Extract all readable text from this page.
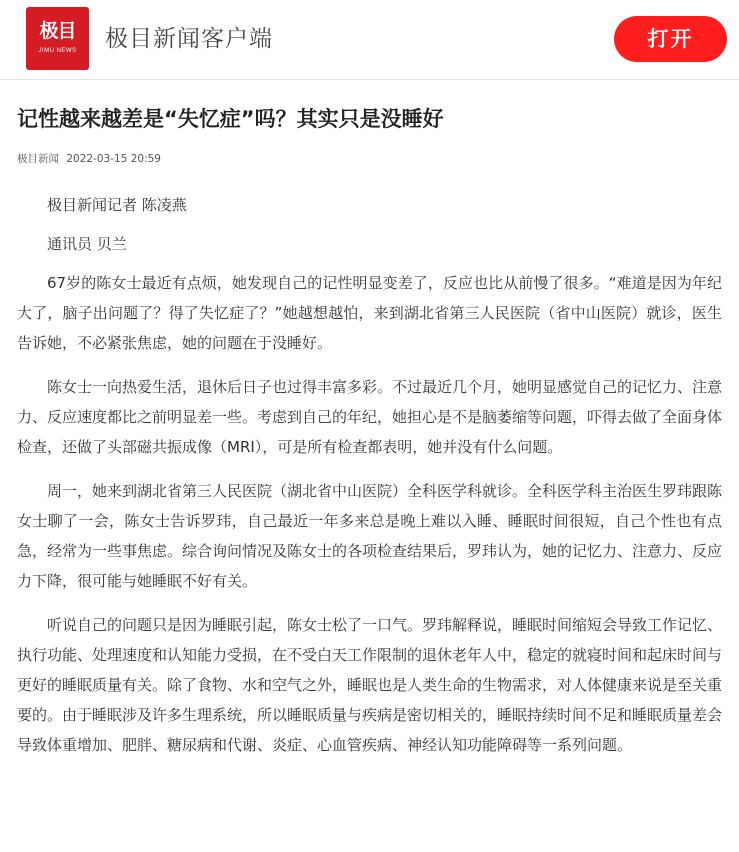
极目
JIMU NEWS	极目新闻客户端	打开
记性越来越差是“失忆症”吗？其实只是没睡好
极目新闻 2022-03-15 20:59

极目新闻记者 陈凌燕

通讯员 贝兰

67岁的陈女士最近有点烦，她发现自己的记性明显变差了，反应也比从前慢了很多。“难道是因为年纪大了，脑子出问题了？得了失忆症了？”她越想越怕，来到湖北省第三人民医院（省中山医院）就诊，医生告诉她，不必紧张焦虑，她的问题在于没睡好。

陈女士一向热爱生活，退休后日子也过得丰富多彩。不过最近几个月，她明显感觉自己的记忆力、注意力、反应速度都比之前明显差一些。考虑到自己的年纪，她担心是不是脑萎缩等问题，吓得去做了全面身体检查，还做了头部磁共振成像（MRI），可是所有检查都表明，她并没有什么问题。

周一，她来到湖北省第三人民医院（湖北省中山医院）全科医学科就诊。全科医学科主治医生罗玮跟陈女士聊了一会，陈女士告诉罗玮，自己最近一年多来总是晚上难以入睡、睡眠时间很短，自己个性也有点急，经常为一些事焦虑。综合询问情况及陈女士的各项检查结果后，罗玮认为，她的记忆力、注意力、反应力下降，很可能与她睡眠不好有关。

听说自己的问题只是因为睡眠引起，陈女士松了一口气。罗玮解释说，睡眠时间缩短会导致工作记忆、执行功能、处理速度和认知能力受损，在不受白天工作限制的退休老年人中，稳定的就寝时间和起床时间与更好的睡眠质量有关。除了食物、水和空气之外，睡眠也是人类生命的生物需求，对人体健康来说是至关重要的。由于睡眠涉及许多生理系统，所以睡眠质量与疾病是密切相关的，睡眠持续时间不足和睡眠质量差会导致体重增加、肥胖、糖尿病和代谢、炎症、心血管疾病、神经认知功能障碍等一系列问题。
